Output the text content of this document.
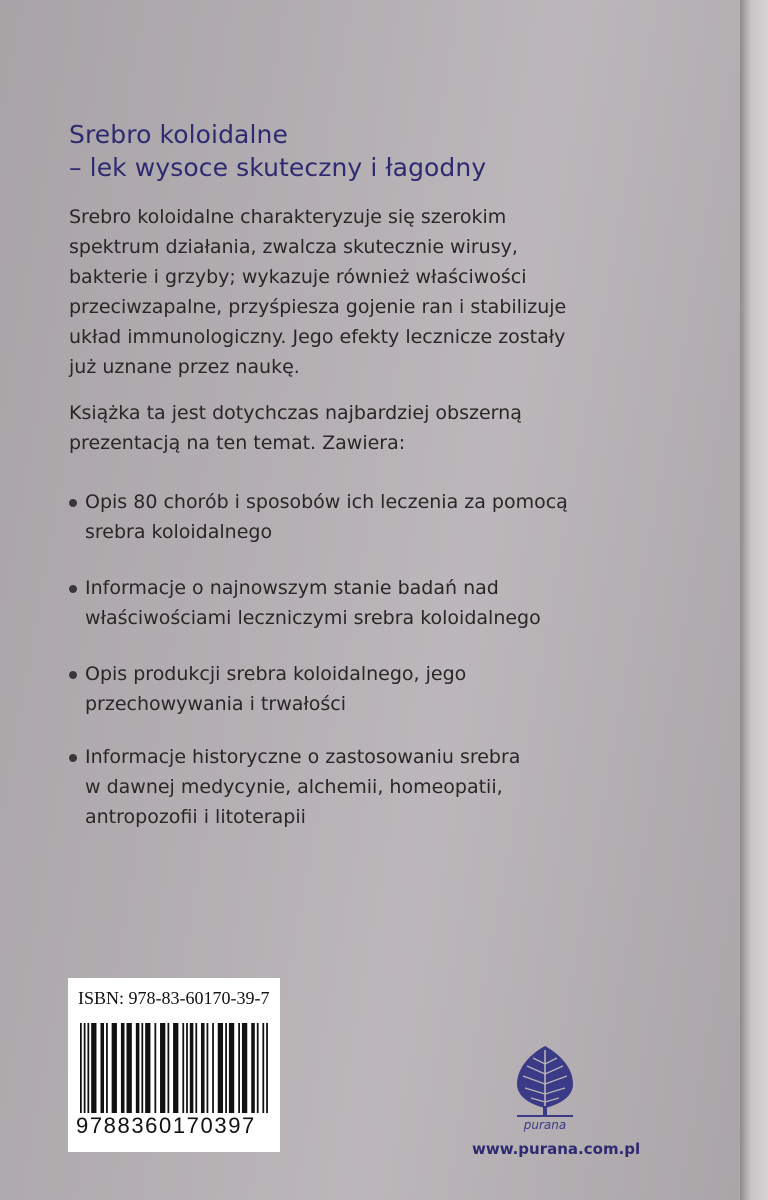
Srebro koloidalne
– lek wysoce skuteczny i łagodny

Srebro koloidalne charakteryzuje się szerokim
spektrum działania, zwalcza skutecznie wirusy,
bakterie i grzyby; wykazuje również właściwości
przeciwzapalne, przyśpiesza gojenie ran i stabilizuje
układ immunologiczny. Jego efekty lecznicze zostały
już uznane przez naukę.

Książka ta jest dotychczas najbardziej obszerną
prezentacją na ten temat. Zawiera:

Opis 80 chorób i sposobów ich leczenia za pomocą
srebra koloidalnego
Informacje o najnowszym stanie badań nad
właściwościami leczniczymi srebra koloidalnego
Opis produkcji srebra koloidalnego, jego
przechowywania i trwałości
Informacje historyczne o zastosowaniu srebra
w dawnej medycynie, alchemii, homeopatii,
antropozofii i litoterapii
ISBN: 978-83-60170-39-7
9788360170397	purana
www.purana.com.pl
